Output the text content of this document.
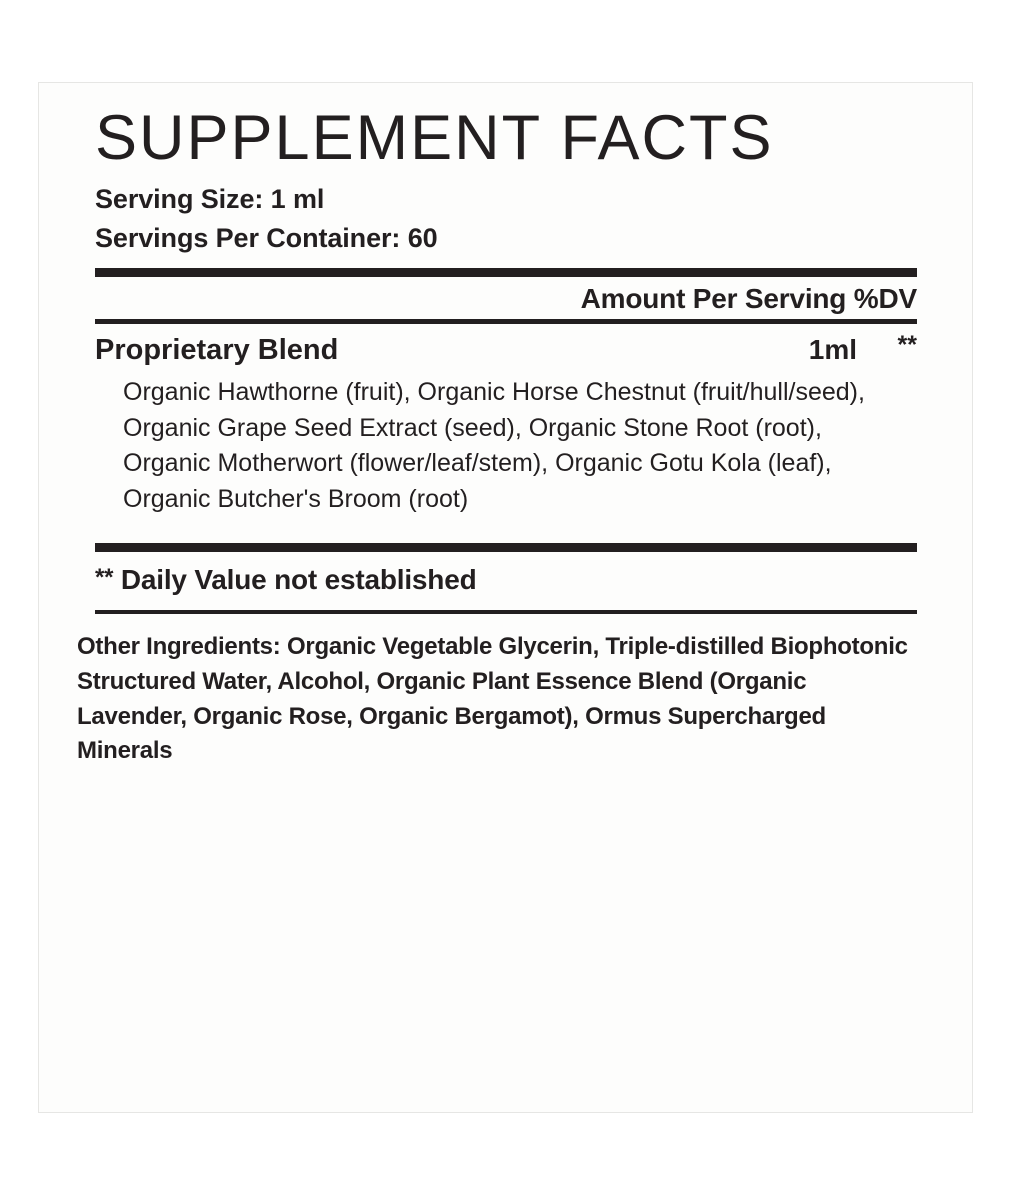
SUPPLEMENT FACTS
Serving Size: 1 ml
Servings Per Container: 60
Amount Per Serving %DV
Proprietary Blend	1ml	**
Organic Hawthorne (fruit), Organic Horse Chestnut (fruit/hull/seed), Organic Grape Seed Extract (seed), Organic Stone Root (root), Organic Motherwort (flower/leaf/stem), Organic Gotu Kola (leaf), Organic Butcher's Broom (root)
** Daily Value not established
Other Ingredients: Organic Vegetable Glycerin, Triple-distilled Biophotonic Structured Water, Alcohol, Organic Plant Essence Blend (Organic Lavender, Organic Rose, Organic Bergamot), Ormus Supercharged Minerals
